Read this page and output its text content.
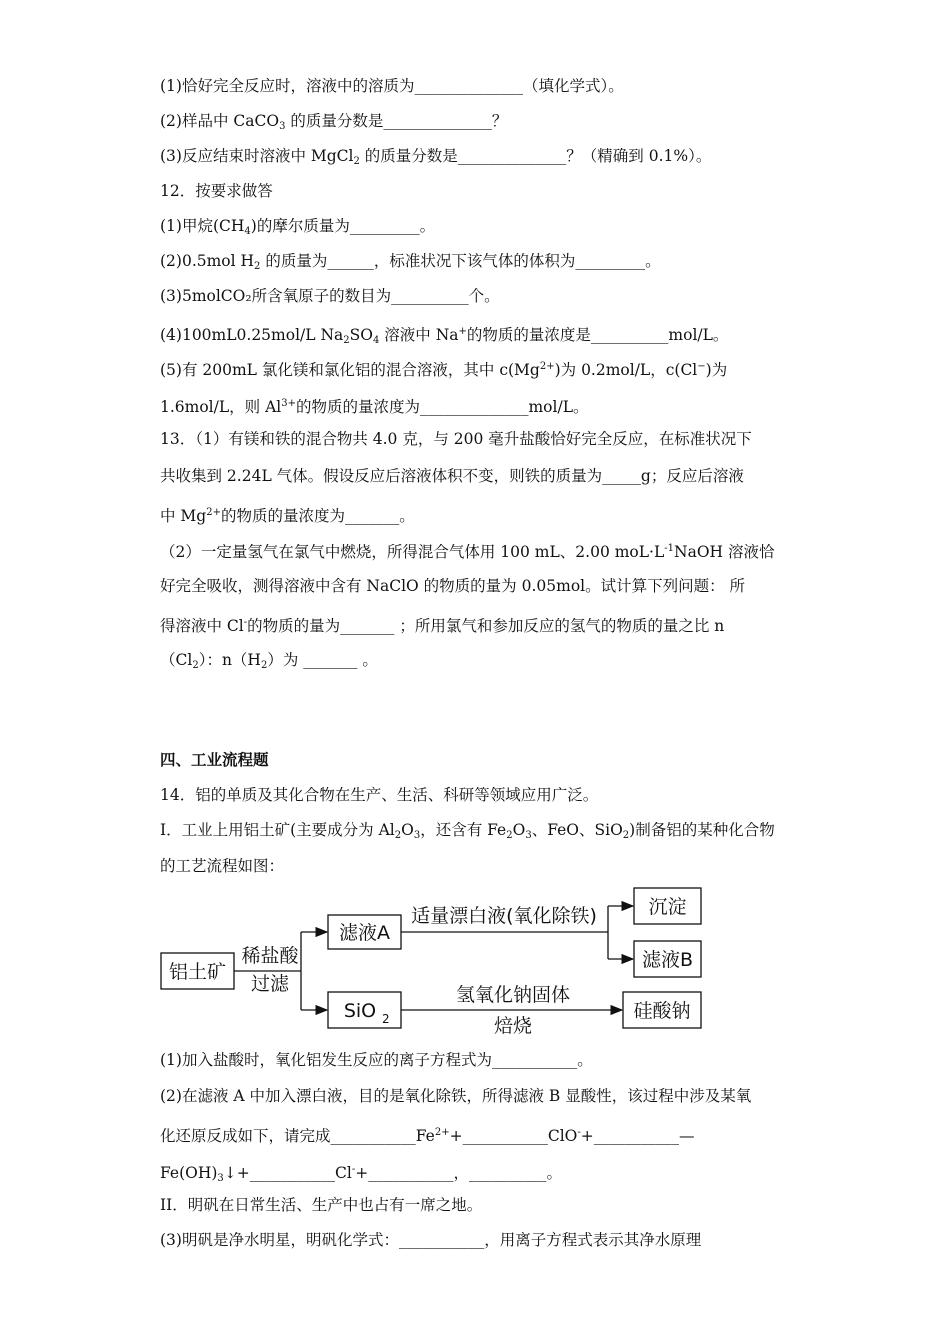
(1)恰好完全反应时，溶液中的溶质为______________（填化学式）。
(2)样品中 CaCO$_3$ 的质量分数是______________？
(3)反应结束时溶液中 MgCl$_2$ 的质量分数是______________？（精确到 0.1%）。
12．按要求做答
(1)甲烷$(CH_4)$的摩尔质量为_________。
(2)0.5mol $H_2$ 的质量为______，标准状况下该气体的体积为_________。
(3)5molCO₂所含氧原子的数目为__________个。
(4)100mL0.25mol/L $Na_2SO_4$ 溶液中 Na+的物质的量浓度是__________mol/L。
(5)有 200mL 氯化镁和氯化铝的混合溶液，其中 $c(Mg^{2+})$为 0.2mol/L，c(Cl−)为
1.6mol/L，则 $Al^{3+}$的物质的量浓度为______________mol/L。
13．（1）有镁和铁的混合物共 4.0 克，与 200 毫升盐酸恰好完全反应，在标准状况下
共收集到 2.24L 气体。假设反应后溶液体积不变，则铁的质量为_____g；反应后溶液
中 $Mg^{2+}$的物质的量浓度为_______。
（2）一定量氢气在氯气中燃烧，所得混合气体用 100 mL、2.00 $moL\cdot L^{-1}NaOH$ 溶液恰
好完全吸收，测得溶液中含有 NaClO 的物质的量为 0.05mol。试计算下列问题： 所
得溶液中 Cl-的物质的量为_______ ；所用氯气和参加反应的氢气的物质的量之比 n
$(Cl_2)$：$n(H_2)$为 _______ 。
四、工业流程题
14．铝的单质及其化合物在生产、生活、科研等领域应用广泛。
I．工业上用铝土矿(主要成分为 $Al_2O_3$，还含有 $Fe_2O_3$、FeO、SiO$_2$)制备铝的某种化合物
的工艺流程如图：
铝土矿
稀盐酸
过滤
滤液A
适量漂白液(氧化除铁)	沉淀
滤液B
SiO 2
氢氧化钠固体
焙烧
硅酸钠
(1)加入盐酸时，氧化铝发生反应的离子方程式为___________。
(2)在滤液 A 中加入漂白液，目的是氧化除铁，所得滤液 B 显酸性，该过程中涉及某氧
化还原反成如下，请完成$\_\_\_\_\_\_\_\_\_\_\_Fe^{2+}+\_\_\_\_\_\_\_\_\_\_\_ClO^-+\_\_\_\_\_\_\_\_\_\_\_—$
$Fe(OH)_3↓+\_\_\_\_\_\_\_\_\_\_\_Cl^-+\_\_\_\_\_\_\_\_\_\_\_$，__________。
II．明矾在日常生活、生产中也占有一席之地。
(3)明矾是净水明星，明矾化学式：___________，用离子方程式表示其净水原理
